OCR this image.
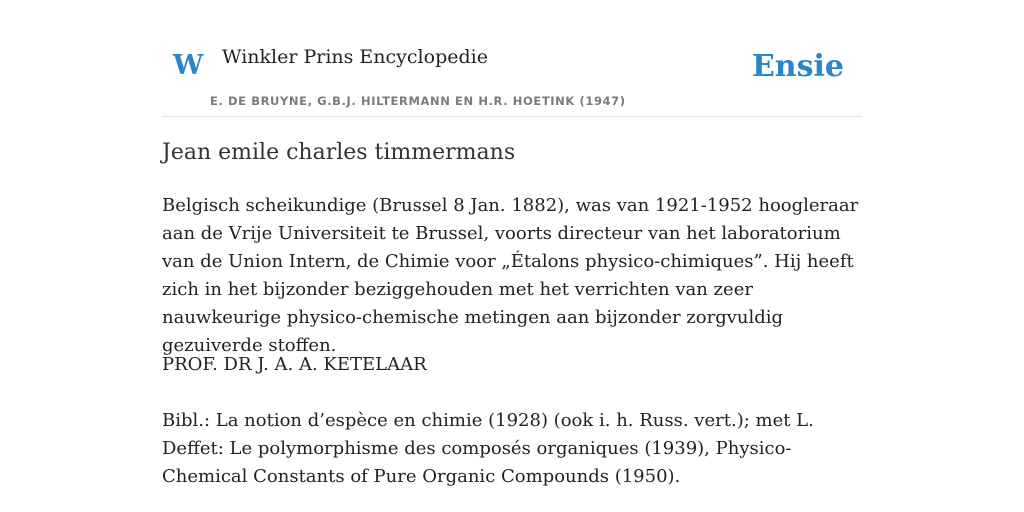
W Winkler Prins Encyclopedie
E. DE BRUYNE, G.B.J. HILTERMANN EN H.R. HOETINK (1947)
Ensie
Jean emile charles timmermans
Belgisch scheikundige (Brussel 8 Jan. 1882), was van 1921-1952 hoogleraar aan de Vrije Universiteit te Brussel, voorts directeur van het laboratorium van de Union Intern, de Chimie voor „Étalons physico-chimiques”. Hij heeft zich in het bijzonder beziggehouden met het verrichten van zeer nauwkeurige physico-chemische metingen aan bijzonder zorgvuldig gezuiverde stoffen.
PROF. DR J. A. A. KETELAAR
Bibl.: La notion d’espèce en chimie (1928) (ook i. h. Russ. vert.); met L. Deffet: Le polymorphisme des composés organiques (1939), Physico-Chemical Constants of Pure Organic Compounds (1950).
